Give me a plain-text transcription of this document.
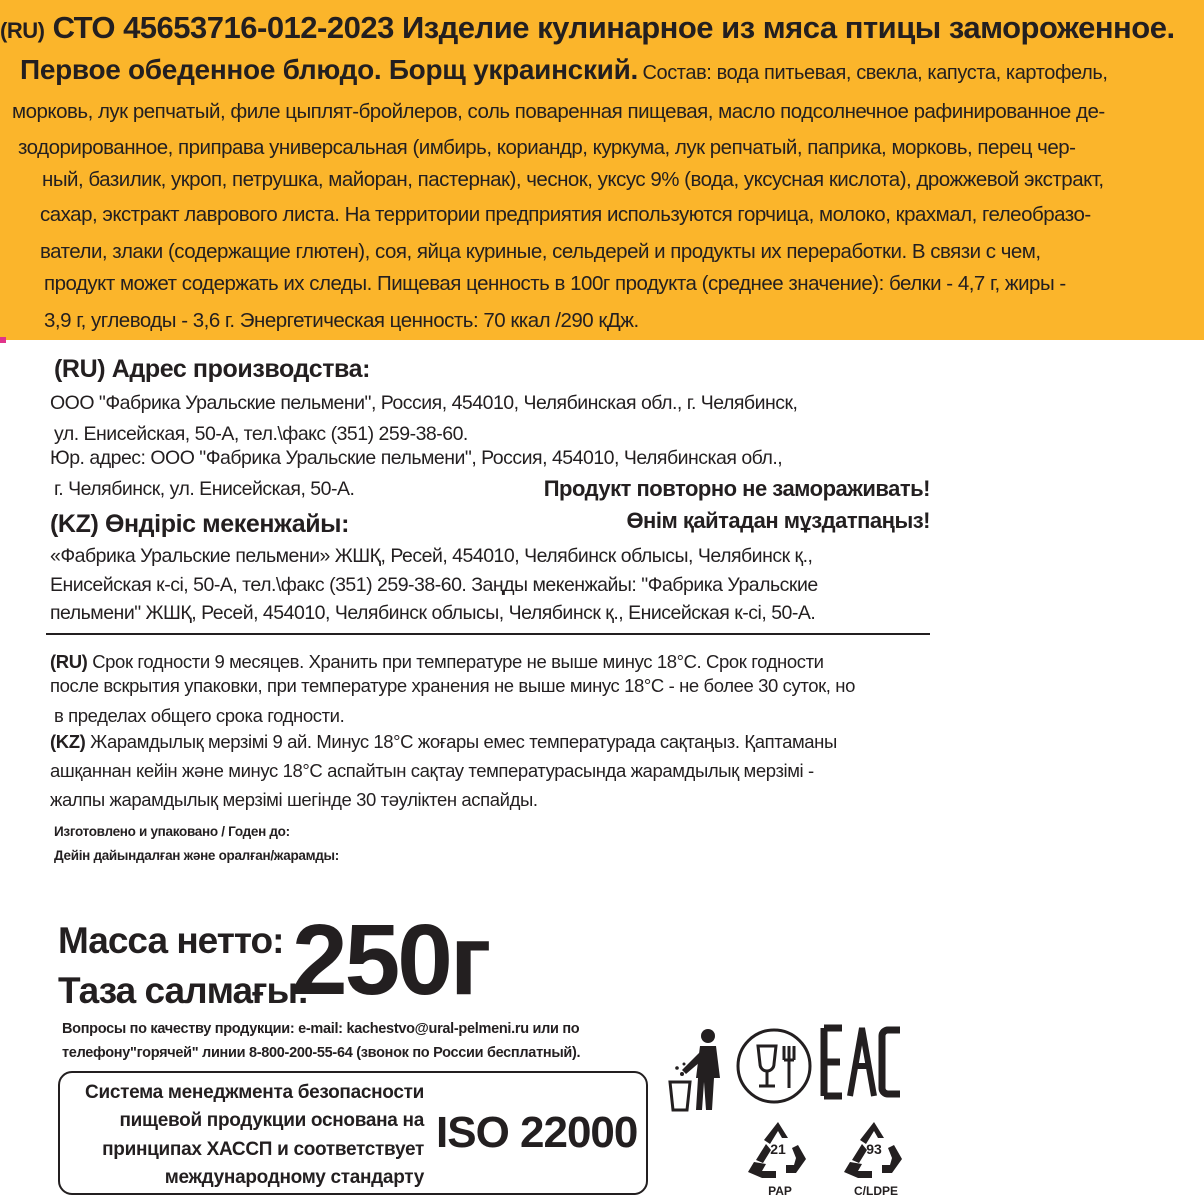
(RU) СТО 45653716-012-2023 Изделие кулинарное из мяса птицы замороженное.
Первое обеденное блюдо. Борщ украинский. Состав: вода питьевая, свекла, капуста, картофель,
морковь, лук репчатый, филе цыплят-бройлеров, соль поваренная пищевая, масло подсолнечное рафинированное де-
зодорированное, приправа универсальная (имбирь, кориандр, куркума, лук репчатый, паприка, морковь, перец чер-
ный, базилик, укроп, петрушка, майоран, пастернак), чеснок, уксус 9% (вода, уксусная кислота), дрожжевой экстракт,
сахар, экстракт лаврового листа. На территории предприятия используются горчица, молоко, крахмал, гелеобразо-
ватели, злаки (содержащие глютен), соя, яйца куриные, сельдерей и продукты их переработки. В связи с чем,
продукт может содержать их следы. Пищевая ценность в 100г продукта (среднее значение): белки - 4,7 г, жиры -
3,9 г, углеводы - 3,6 г. Энергетическая ценность: 70 ккал /290 кДж.
(RU) Адрес производства:
ООО "Фабрика Уральские пельмени", Россия, 454010, Челябинская обл., г. Челябинск,
ул. Енисейская, 50-А, тел.\факс (351) 259-38-60.
Юр. адрес: ООО "Фабрика Уральские пельмени", Россия, 454010, Челябинская обл.,
г. Челябинск, ул. Енисейская, 50-А.	Продукт повторно не замораживать!
(KZ) Өндіріс мекенжайы:	Өнім қайтадан мұздатпаңыз!
«Фабрика Уральские пельмени» ЖШҚ, Ресей, 454010, Челябинск облысы, Челябинск қ.,
Енисейская к-сі, 50-А, тел.\факс (351) 259-38-60. Заңды мекенжайы: "Фабрика Уральские
пельмени" ЖШҚ, Ресей, 454010, Челябинск облысы, Челябинск қ., Енисейская к-сі, 50-А.
(RU) Срок годности 9 месяцев. Хранить при температуре не выше минус 18°С. Срок годности
после вскрытия упаковки, при температуре хранения не выше минус 18°С - не более 30 суток, но
в пределах общего срока годности.
(KZ) Жарамдылық мерзімі 9 ай. Минус 18°С жоғары емес температурада сақтаңыз. Қаптаманы
ашқаннан кейін және минус 18°С аспайтын сақтау температурасында жарамдылық мерзімі -
жалпы жарамдылық мерзімі шегінде 30 тәуліктен аспайды.
Изготовлено и упаковано / Годен до:
Дейін дайындалған және оралған/жарамды:
Масса нетто:
Таза салмағы:
250г
Вопросы по качеству продукции: e-mail: kachestvo@ural-pelmeni.ru или по
телефону"горячей" линии 8-800-200-55-64 (звонок по России бесплатный).
Система менеджмента безопасности
пищевой продукции основана на
принципах ХАССП и соответствует
международному стандарту
ISO 22000	21
PAP
93
C/LDPE
